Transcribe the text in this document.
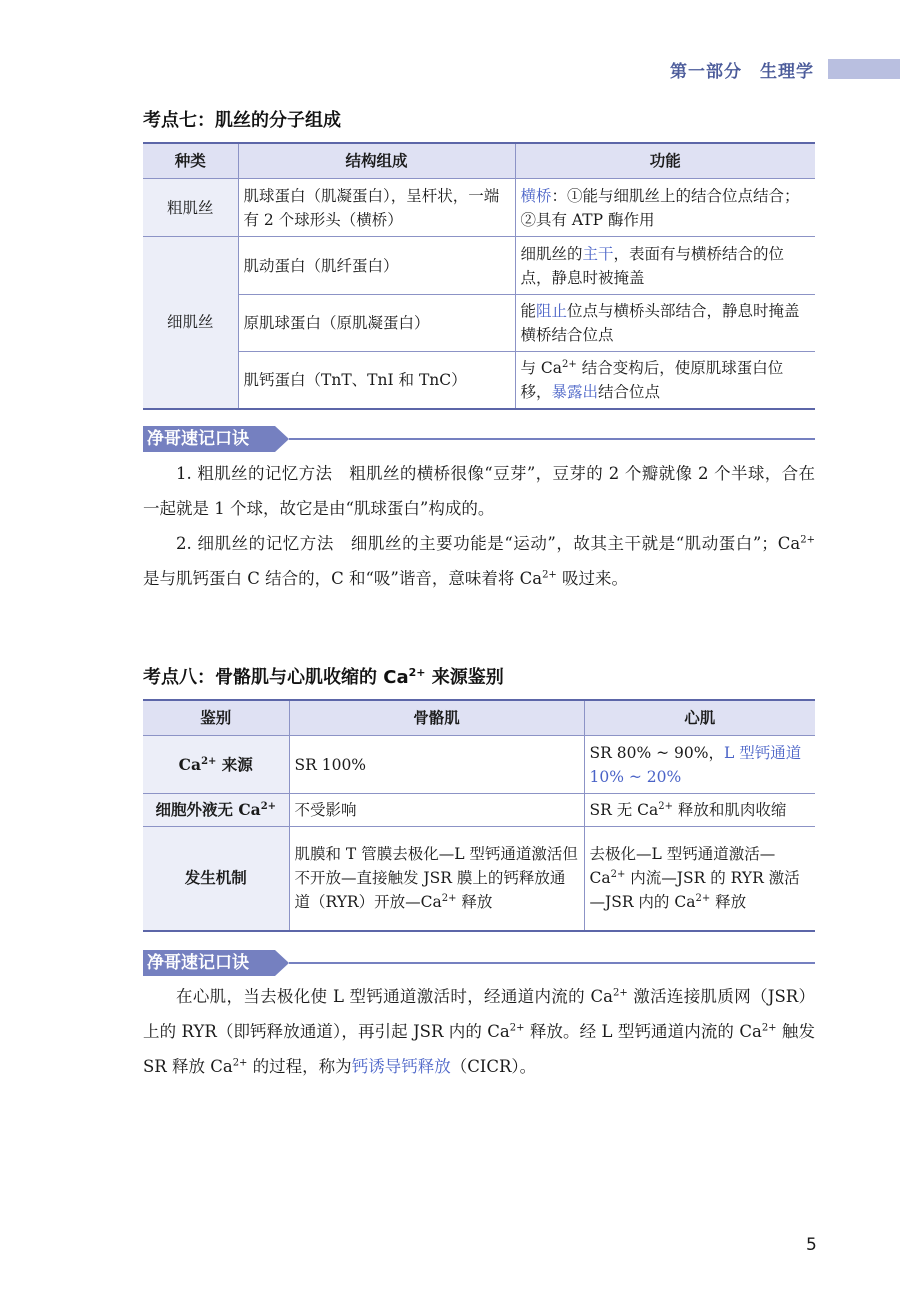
第一部分　生理学
考点七：肌丝的分子组成
种类	结构组成	功能
粗肌丝	肌球蛋白（肌凝蛋白），呈杆状，一端有 2 个球形头（横桥）	横桥：①能与细肌丝上的结合位点结合；②具有 ATP 酶作用
细肌丝	肌动蛋白（肌纤蛋白）	细肌丝的主干，表面有与横桥结合的位点，静息时被掩盖
	原肌球蛋白（原肌凝蛋白）	能阻止位点与横桥头部结合，静息时掩盖横桥结合位点
	肌钙蛋白（TnT、TnI 和 TnC）	与 $Ca^{2+}$ 结合变构后，使原肌球蛋白位移，暴露出结合位点
净哥速记口诀

1. 粗肌丝的记忆方法 粗肌丝的横桥很像“豆芽”，豆芽的 2 个瓣就像 2 个半球，合在一起就是 1 个球，故它是由“肌球蛋白”构成的。

2. 细肌丝的记忆方法 细肌丝的主要功能是“运动”，故其主干就是“肌动蛋白”；$Ca^{2+}$ 是与肌钙蛋白 C 结合的，C 和“吸”谐音，意味着将 $Ca^{2+}$ 吸过来。

考点八：骨骼肌与心肌收缩的 $Ca^{2+}$ 来源鉴别
鉴别	骨骼肌	心肌
$Ca^{2+}$ 来源	SR 100%	SR 80% ~ 90%，L 型钙通道 10% ~ 20%
细胞外液无 $Ca^{2+}$	不受影响	SR 无 $Ca^{2+}$ 释放和肌肉收缩
发生机制	肌膜和 T 管膜去极化—L 型钙通道激活但不开放—直接触发 JSR 膜上的钙释放通道（RYR）开放$—Ca^{2+}$ 释放	去极化—L 型钙通道激活$—Ca^{2+}$ 内流—JSR 的 RYR 激活—JSR 内的 $Ca^{2+}$ 释放
净哥速记口诀

在心肌，当去极化使 L 型钙通道激活时，经通道内流的 $Ca^{2+}$ 激活连接肌质网（JSR）上的 RYR（即钙释放通道），再引起 JSR 内的 $Ca^{2+}$ 释放。经 L 型钙通道内流的 $Ca^{2+}$ 触发 SR 释放 $Ca^{2+}$ 的过程，称为钙诱导钙释放（CICR）。

5
